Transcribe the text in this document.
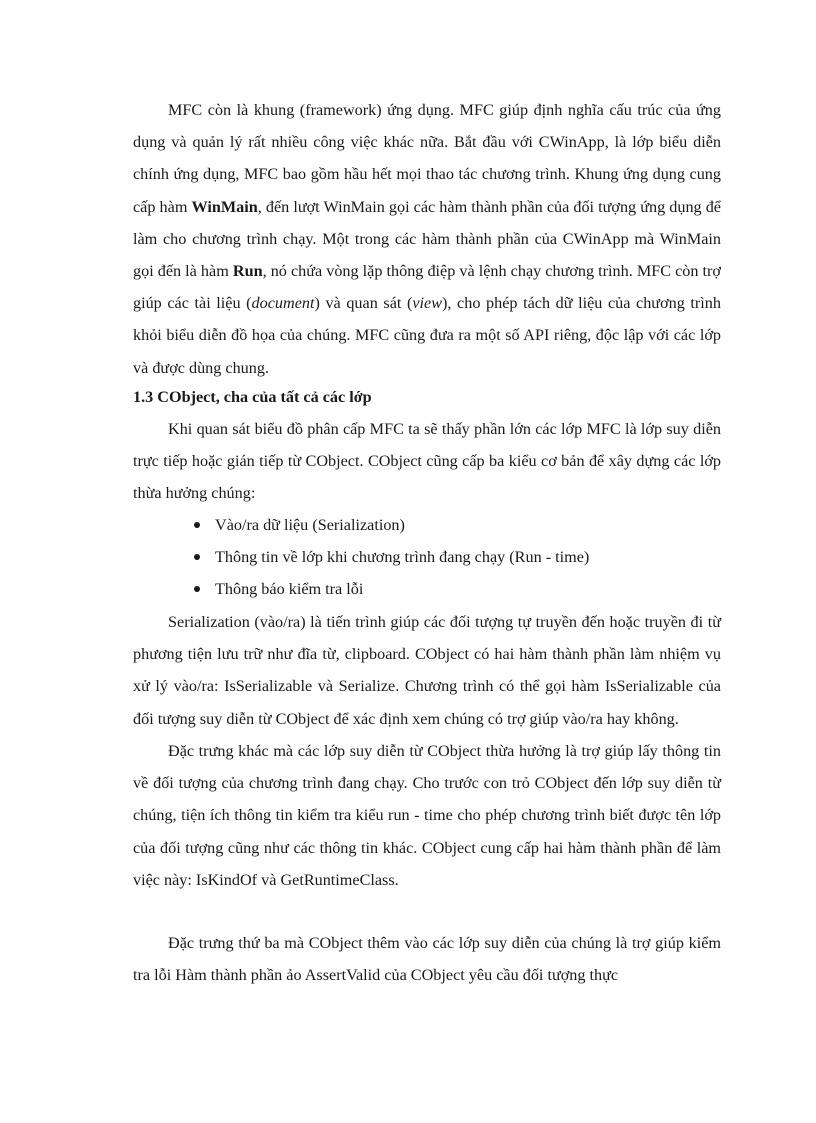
MFC còn là khung (framework) ứng dụng. MFC giúp định nghĩa cấu trúc của ứng dụng và quản lý rất nhiều công việc khác nữa. Bắt đầu với CWinApp, là lớp biểu diễn chính ứng dụng, MFC bao gồm hầu hết mọi thao tác chương trình. Khung ứng dụng cung cấp hàm WinMain, đến lượt WinMain gọi các hàm thành phần của đối tượng ứng dụng để làm cho chương trình chạy. Một trong các hàm thành phần của CWinApp mà WinMain gọi đến là hàm Run, nó chứa vòng lặp thông điệp và lệnh chạy chương trình. MFC còn trợ giúp các tài liệu (document) và quan sát (view), cho phép tách dữ liệu của chương trình khỏi biểu diễn đồ họa của chúng. MFC cũng đưa ra một số API riêng, độc lập với các lớp và được dùng chung.

1.3 CObject, cha của tất cả các lớp

Khi quan sát biểu đồ phân cấp MFC ta sẽ thấy phần lớn các lớp MFC là lớp suy diễn trực tiếp hoặc gián tiếp từ CObject. CObject cũng cấp ba kiểu cơ bản để xây dựng các lớp thừa hưởng chúng:

Vào/ra dữ liệu (Serialization)
Thông tin về lớp khi chương trình đang chạy (Run - time)
Thông báo kiểm tra lỗi

Serialization (vào/ra) là tiến trình giúp các đối tượng tự truyền đến hoặc truyền đi từ phương tiện lưu trữ như đĩa từ, clipboard. CObject có hai hàm thành phần làm nhiệm vụ xử lý vào/ra: IsSerializable và Serialize. Chương trình có thể gọi hàm IsSerializable của đối tượng suy diễn từ CObject để xác định xem chúng có trợ giúp vào/ra hay không.

Đặc trưng khác mà các lớp suy diễn từ CObject thừa hưởng là trợ giúp lấy thông tin về đối tượng của chương trình đang chạy. Cho trước con trỏ CObject đến lớp suy diễn từ chúng, tiện ích thông tin kiểm tra kiểu run - time cho phép chương trình biết được tên lớp của đối tượng cũng như các thông tin khác. CObject cung cấp hai hàm thành phần để làm việc này: IsKindOf và GetRuntimeClass.

Đặc trưng thứ ba mà CObject thêm vào các lớp suy diễn của chúng là trợ giúp kiểm tra lỗi Hàm thành phần ảo AssertValid của CObject yêu cầu đối tượng thực
